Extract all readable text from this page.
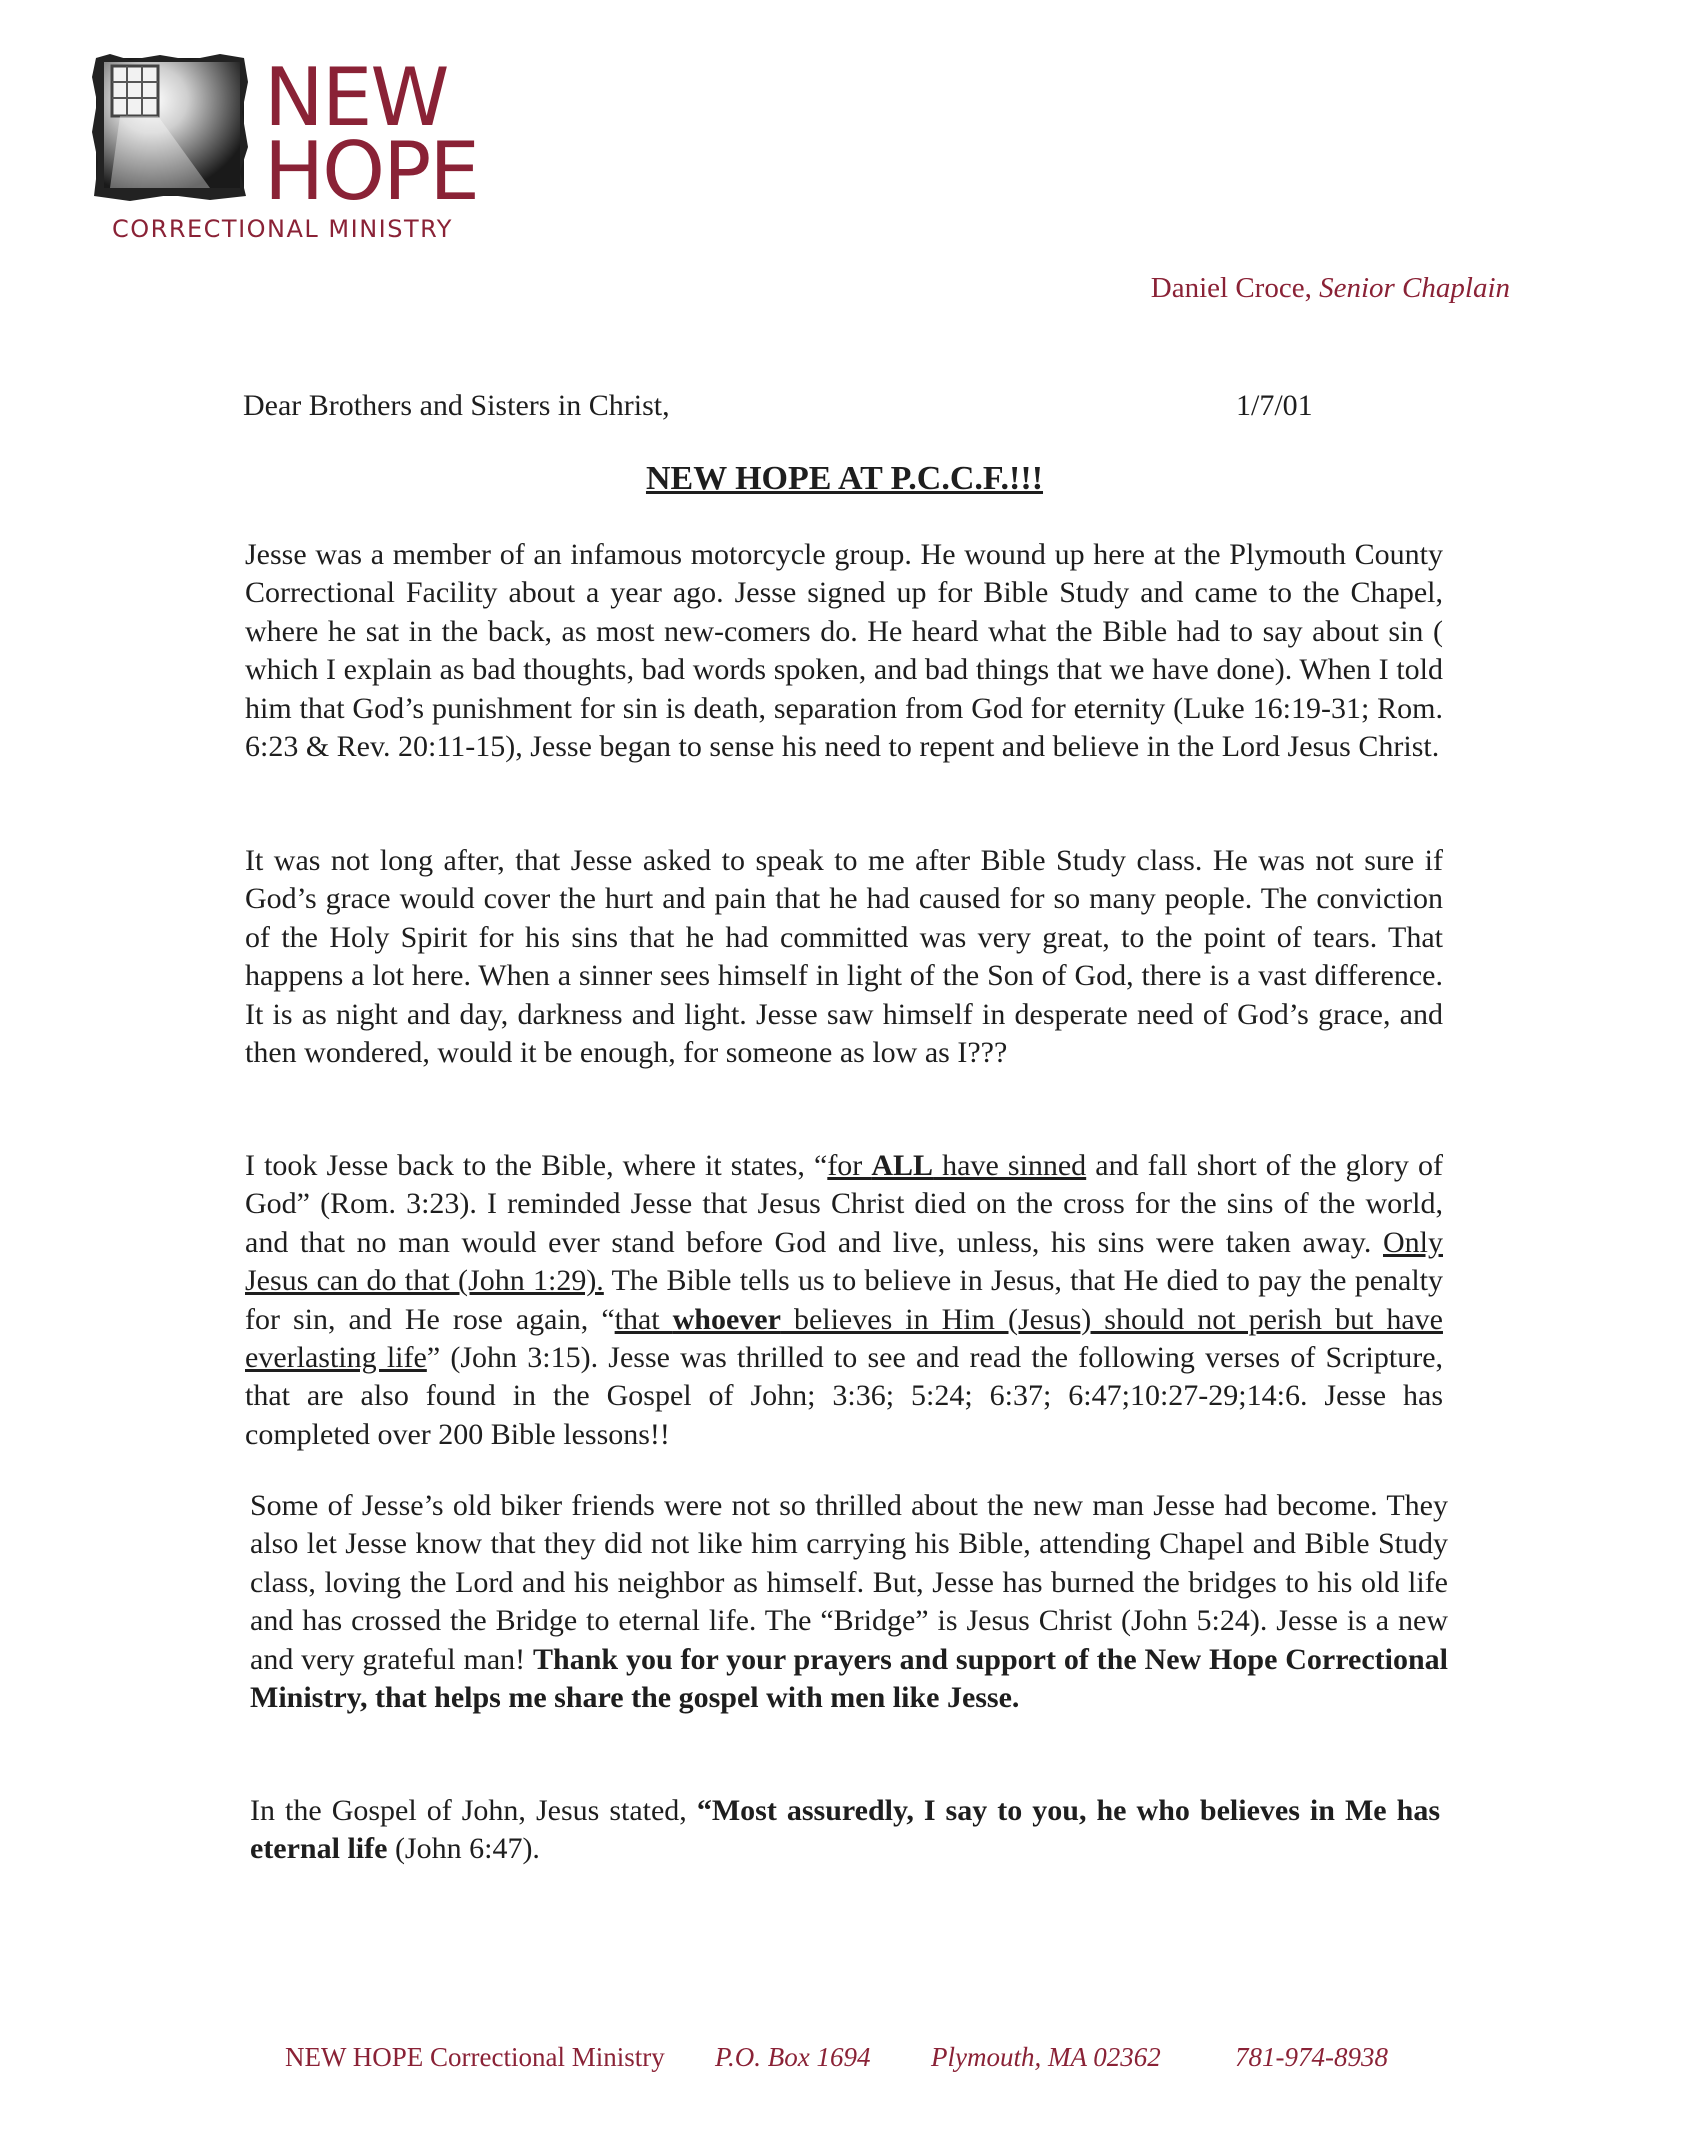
NEW
HOPE
CORRECTIONAL MINISTRY
Daniel Croce, Senior Chaplain
Dear Brothers and Sisters in Christ,	1/7/01
NEW HOPE AT P.C.C.F.!!!

Jesse was a member of an infamous motorcycle group. He wound up here at the Plymouth County Correctional Facility about a year ago. Jesse signed up for Bible Study and came to the Chapel, where he sat in the back, as most new-comers do. He heard what the Bible had to say about sin ( which I explain as bad thoughts, bad words spoken, and bad things that we have done). When I told him that God’s punishment for sin is death, separation from God for eternity (Luke 16:19-31; Rom. 6:23 & Rev. 20:11-15), Jesse began to sense his need to repent and believe in the Lord Jesus Christ.

It was not long after, that Jesse asked to speak to me after Bible Study class. He was not sure if God’s grace would cover the hurt and pain that he had caused for so many people. The conviction of the Holy Spirit for his sins that he had committed was very great, to the point of tears. That happens a lot here. When a sinner sees himself in light of the Son of God, there is a vast difference. It is as night and day, darkness and light. Jesse saw himself in desperate need of God’s grace, and then wondered, would it be enough, for someone as low as I???

I took Jesse back to the Bible, where it states, “for ALL have sinned and fall short of the glory of God” (Rom. 3:23). I reminded Jesse that Jesus Christ died on the cross for the sins of the world, and that no man would ever stand before God and live, unless, his sins were taken away. Only Jesus can do that (John 1:29). The Bible tells us to believe in Jesus, that He died to pay the penalty for sin, and He rose again, “that whoever believes in Him (Jesus) should not perish but have everlasting life” (John 3:15). Jesse was thrilled to see and read the following verses of Scripture, that are also found in the Gospel of John; 3:36; 5:24; 6:37; 6:47;10:27-29;14:6. Jesse has completed over 200 Bible lessons!!

Some of Jesse’s old biker friends were not so thrilled about the new man Jesse had become. They also let Jesse know that they did not like him carrying his Bible, attending Chapel and Bible Study class, loving the Lord and his neighbor as himself. But, Jesse has burned the bridges to his old life and has crossed the Bridge to eternal life. The “Bridge” is Jesus Christ (John 5:24). Jesse is a new and very grateful man! Thank you for your prayers and support of the New Hope Correctional Ministry, that helps me share the gospel with men like Jesse.

In the Gospel of John, Jesus stated, “Most assuredly, I say to you, he who believes in Me has eternal life (John 6:47).

NEW HOPE Correctional Ministry P.O. Box 1694 Plymouth, MA 02362	781-974-8938
